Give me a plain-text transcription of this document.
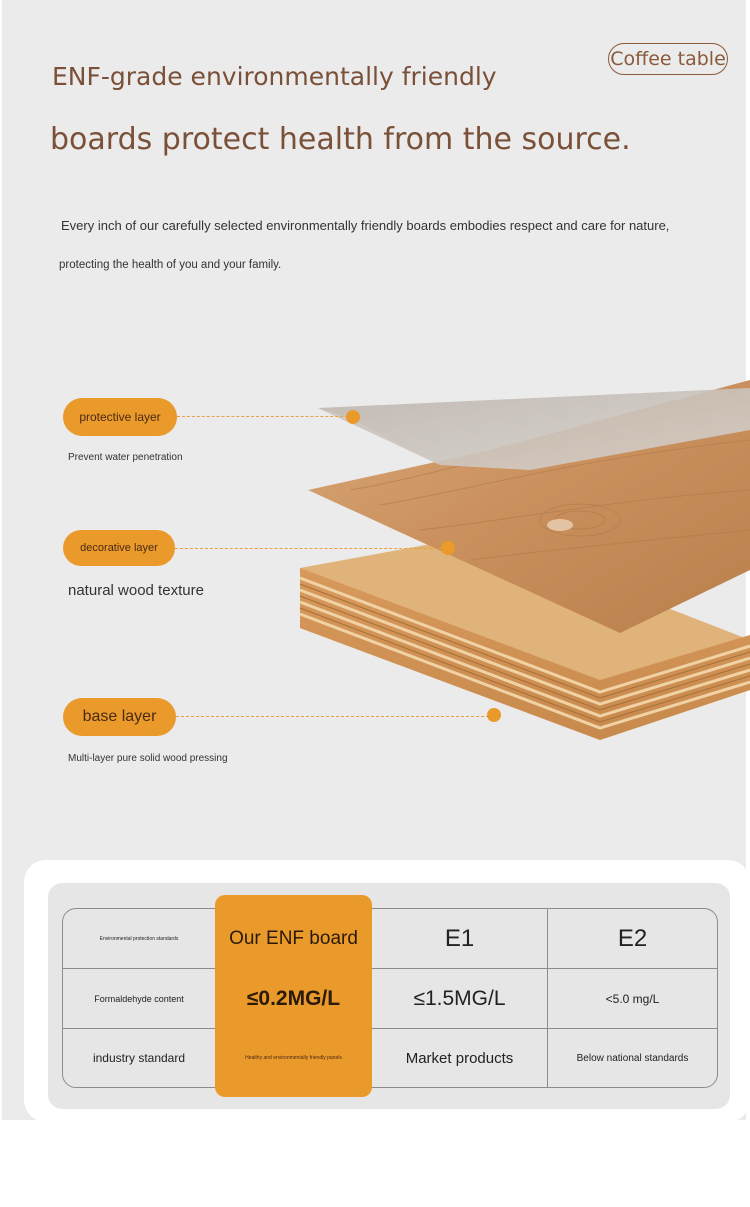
Coffee table
ENF-grade environmentally friendly
boards protect health from the source.
Every inch of our carefully selected environmentally friendly boards embodies respect and care for nature,
protecting the health of you and your family.
protective layer
Prevent water penetration
decorative layer
natural wood texture
base layer
Multi-layer pure solid wood pressing
Environmental protection standards	Our ENF board	E1	E2
Formaldehyde content	≤0.2MG/L	≤1.5MG/L	<5.0 mg/L
industry standard	Healthy and environmentally friendly panels	Market products	Below national standards
